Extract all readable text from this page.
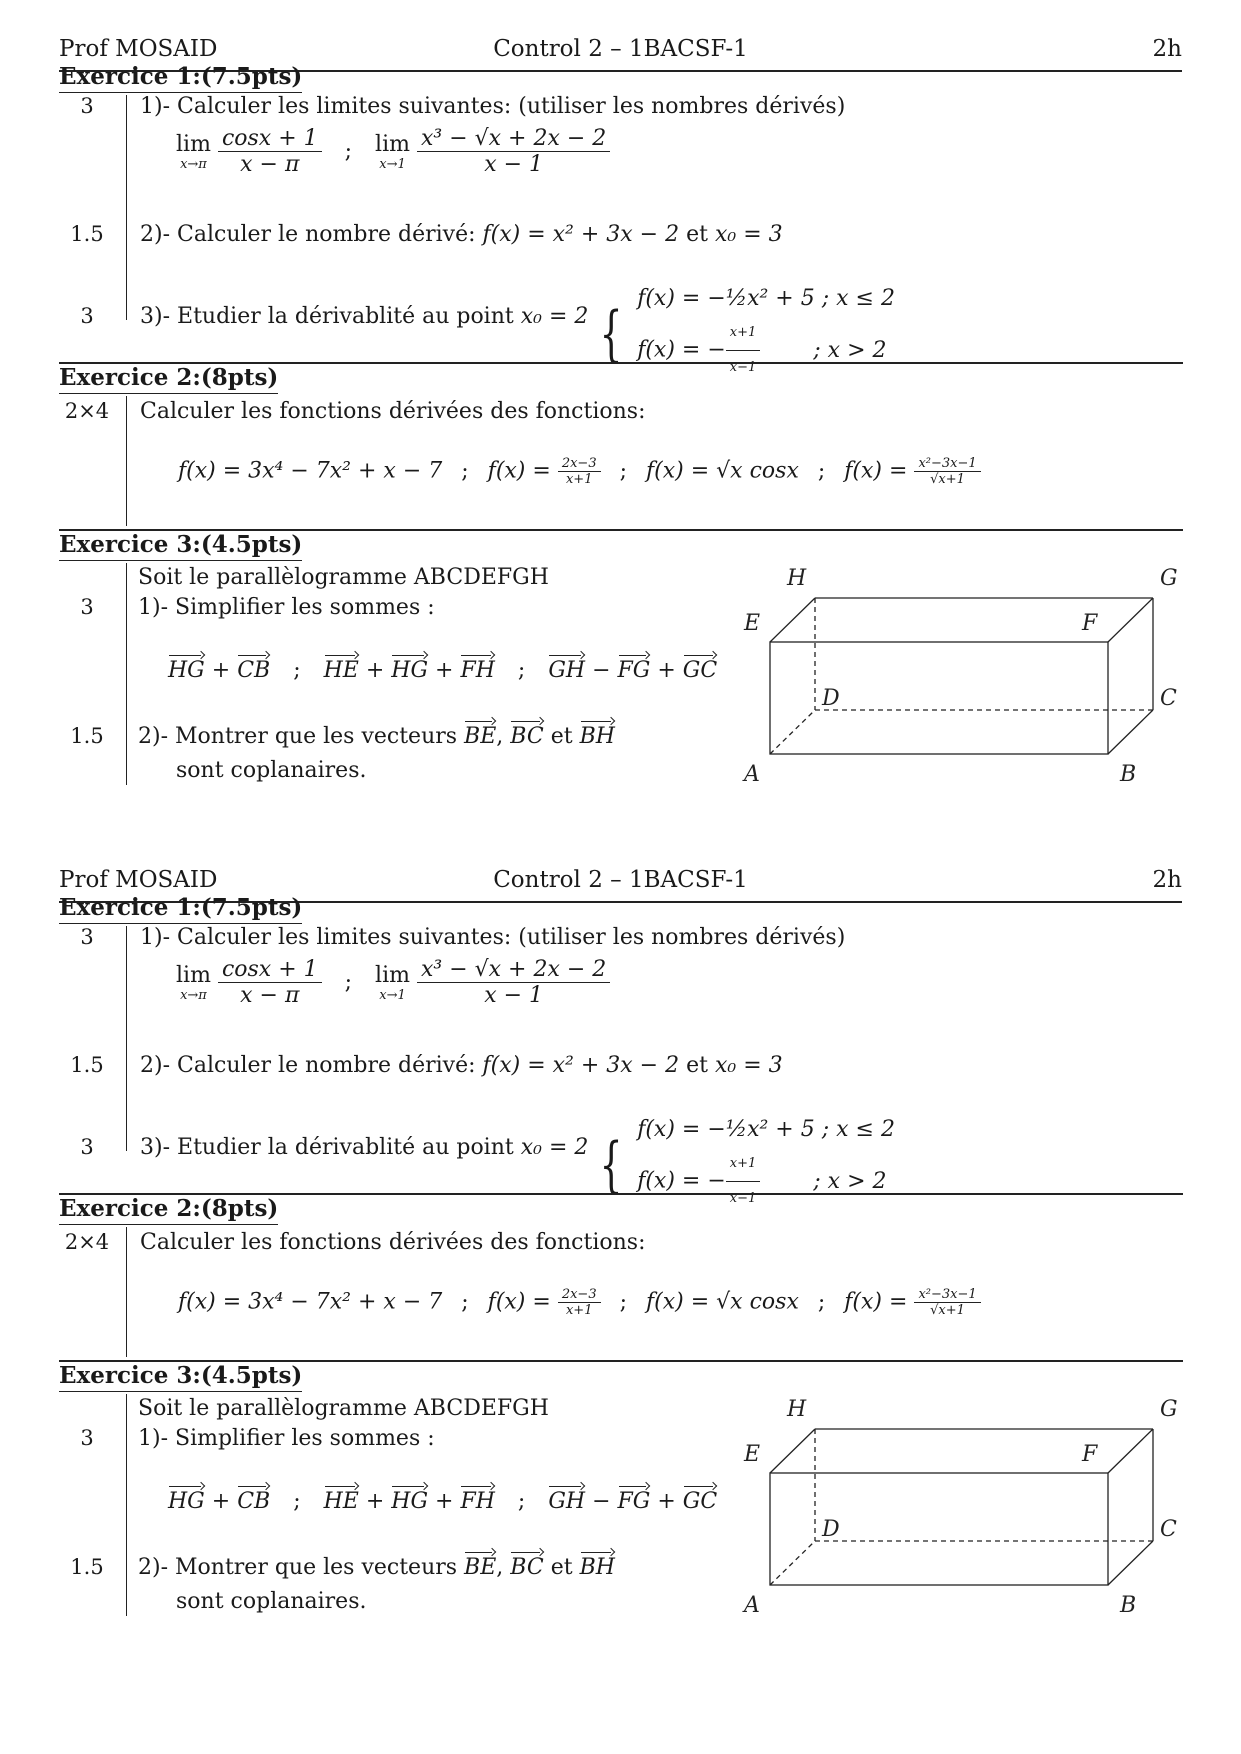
Prof MOSAID	Control 2 – 1BACSF-1	2h
Exercice 1:(7.5pts)
3	1)- Calculer les limites suivantes: (utiliser les nombres dérivés)
lim
x→π
$\frac{\cos x + 1}{x - \pi}$ ; lim
x→1
$\frac{\text{x³ − √x + 2x − 2}}{x - 1}$
1.5	2)- Calculer le nombre dérivé: f(x) = x² + 3x − 2 et x₀ = 3
3	3)- Etudier la dérivablité au point x₀ = 2 { f(x) = −½x² + 5 ; x ≤ 2
f(x) = − $\frac{x+1}{x-1}$ ; x > 2
Exercice 2:(8pts)
2×4	Calculer les fonctions dérivées des fonctions:
f(x) = 3x⁴ − 7x² + x − 7 ; $f(x) = \frac{2x-3}{x+1}$ ; f(x) = √x cosx ; $f(x) = \frac{\text{x²−3x−1}}{√x+1}$
Exercice 3:(4.5pts)
Soit le parallèlogramme ABCDEFGH
3	1)- Simplifier les sommes :
HG + CB ; HE + HG + FH ; GH − FG + GC
1.5	2)- Montrer que les vecteurs BE, BC et BH
sont coplanaires.
H	G
E	F
D	C
A	B
Prof MOSAID	Control 2 – 1BACSF-1	2h
Exercice 1:(7.5pts)
3	1)- Calculer les limites suivantes: (utiliser les nombres dérivés)
lim
x→π
$\frac{\cos x + 1}{x - \pi}$ ; lim
x→1
$\frac{\text{x³ − √x + 2x − 2}}{x - 1}$
1.5	2)- Calculer le nombre dérivé: f(x) = x² + 3x − 2 et x₀ = 3
3	3)- Etudier la dérivablité au point x₀ = 2 { f(x) = −½x² + 5 ; x ≤ 2
f(x) = − $\frac{x+1}{x-1}$ ; x > 2
Exercice 2:(8pts)
2×4	Calculer les fonctions dérivées des fonctions:
f(x) = 3x⁴ − 7x² + x − 7 ; $f(x) = \frac{2x-3}{x+1}$ ; f(x) = √x cosx ; $f(x) = \frac{\text{x²−3x−1}}{√x+1}$
Exercice 3:(4.5pts)
Soit le parallèlogramme ABCDEFGH
3	1)- Simplifier les sommes :
HG + CB ; HE + HG + FH ; GH − FG + GC
1.5	2)- Montrer que les vecteurs BE, BC et BH
sont coplanaires.
H	G
E	F
D	C
A	B
